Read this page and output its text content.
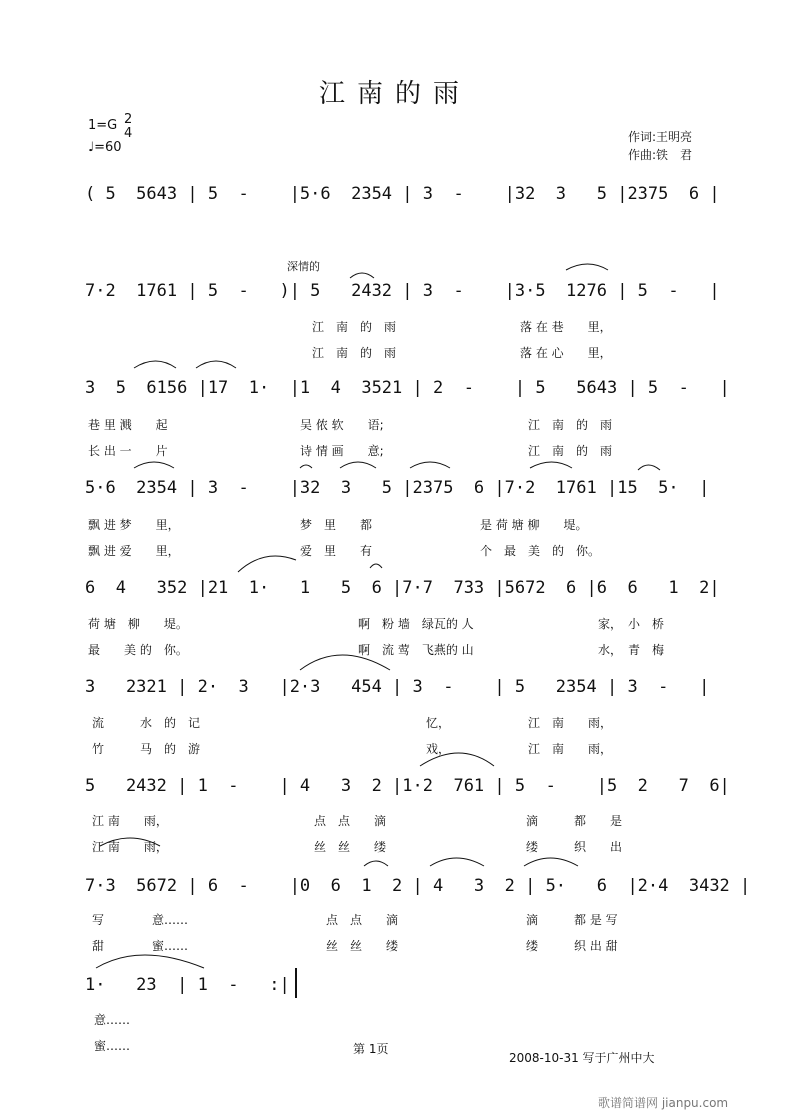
江南的雨
1=G 2
4
♩=60
作词:王明亮
作曲:铁　君
深情的
( 5  5643 | 5  -    |5·6  2354 | 3  -    |32  3   5 |2375  6 |
7·2  1761 | 5  -   )| 5   2432 | 3  -    |3·5  1276 | 5  -   |
3  5  6156 |17  1·  |1  4  3521 | 2  -    | 5   5643 | 5  -   |
5·6  2354 | 3  -    |32  3   5 |2375  6 |7·2  1761 |15  5·  |
6  4   352 |21  1·   1   5  6 |7·7  733 |5672  6 |6  6   1  2|
3   2321 | 2·  3   |2·3   454 | 3  -    | 5   2354 | 3  -   |
5   2432 | 1  -    | 4   3  2 |1·2  761 | 5  -    |5  2   7  6|
7·3  5672 | 6  -    |0  6  1  2 | 4   3  2 | 5·   6  |2·4  3432 |
1·   23  | 1  -   :|
江　南　的　雨	落 在 巷　　里，
江　南　的　雨	落 在 心　　里，
巷 里 溅　　起	吴 侬 软　　语;	江　南　的　雨
长 出 一　　片	诗 情 画　　意;	江　南　的　雨
飘 进 梦　　里，	梦　里　　都	是 荷 塘 柳　　堤。
飘 进 爱　　里，	爱　里　　有	个　最　美　的　你。
荷 塘　柳　　堤。	啊　粉 墙　绿瓦的 人	家，　小　桥
最　　美 的　你。	啊　流 莺　飞燕的 山	水，　青　梅
流　　　水　的　记	忆，	江　南　　雨，
竹　　　马　的　游	戏，	江　南　　雨，
江 南　　雨，	点　点　　滴	滴　　　都　　是
江 南　　雨，	丝　丝　　缕	缕　　　织　　出
写　　　　意……	点　点　　滴	滴　　　都 是 写
甜　　　　蜜……	丝　丝　　缕	缕　　　织 出 甜
意……
蜜……	第 1页
2008-10-31 写于广州中大
歌谱简谱网 jianpu.com
